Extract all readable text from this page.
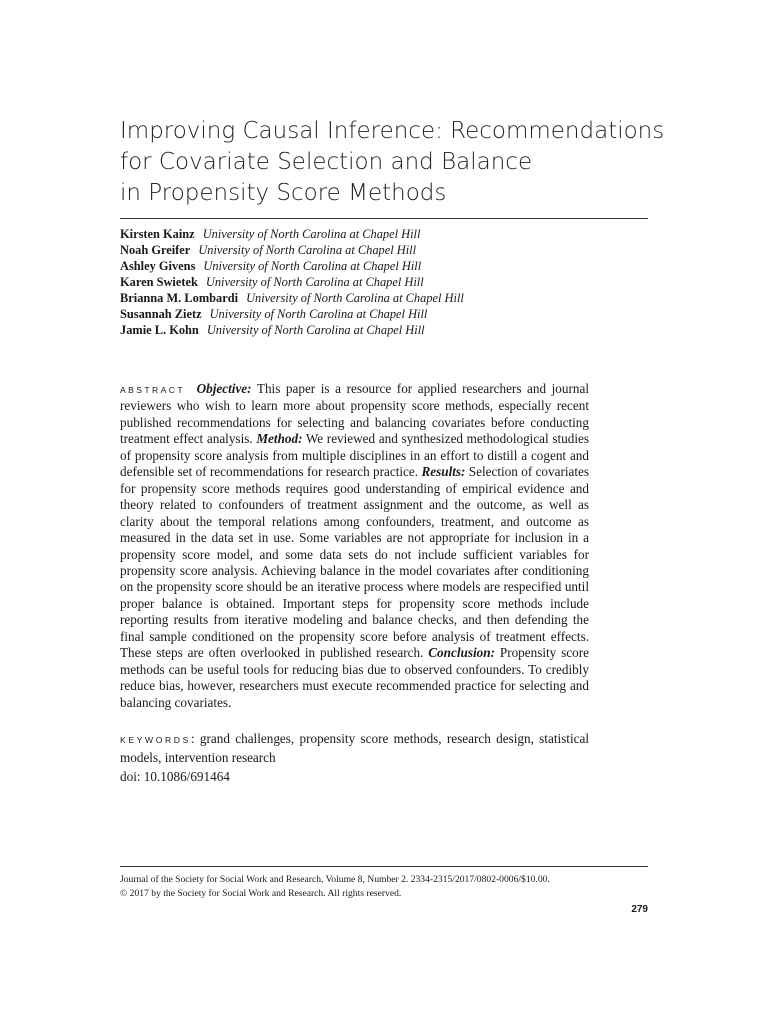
Improving Causal Inference: Recommendations
for Covariate Selection and Balance
in Propensity Score Methods
Kirsten Kainz University of North Carolina at Chapel Hill
Noah Greifer University of North Carolina at Chapel Hill
Ashley Givens University of North Carolina at Chapel Hill
Karen Swietek University of North Carolina at Chapel Hill
Brianna M. Lombardi University of North Carolina at Chapel Hill
Susannah Zietz University of North Carolina at Chapel Hill
Jamie L. Kohn University of North Carolina at Chapel Hill

ABSTRACT Objective: This paper is a resource for applied researchers and journal reviewers who wish to learn more about propensity score methods, especially recent published recommendations for selecting and balancing covariates before conducting treatment effect analysis. Method: We reviewed and synthesized methodological studies of propensity score analysis from multiple disciplines in an effort to distill a cogent and defensible set of recommendations for research practice. Results: Selection of covariates for propensity score methods requires good understanding of empirical evidence and theory related to confounders of treatment assignment and the outcome, as well as clarity about the temporal relations among confounders, treatment, and outcome as measured in the data set in use. Some variables are not appropriate for inclusion in a propensity score model, and some data sets do not include sufficient variables for propensity score analysis. Achieving balance in the model covariates after conditioning on the propensity score should be an iterative process where models are respecified until proper balance is obtained. Important steps for propensity score methods include reporting results from iterative modeling and balance checks, and then defending the final sample conditioned on the propensity score before analysis of treatment effects. These steps are often overlooked in published research. Conclusion: Propensity score methods can be useful tools for reducing bias due to observed confounders. To credibly reduce bias, however, researchers must execute recommended practice for selecting and balancing covariates.

KEYWORDS: grand challenges, propensity score methods, research design, statistical models, intervention research

doi: 10.1086/691464

Journal of the Society for Social Work and Research, Volume 8, Number 2. 2334-2315/2017/0802-0006/$10.00.
© 2017 by the Society for Social Work and Research. All rights reserved.

279
